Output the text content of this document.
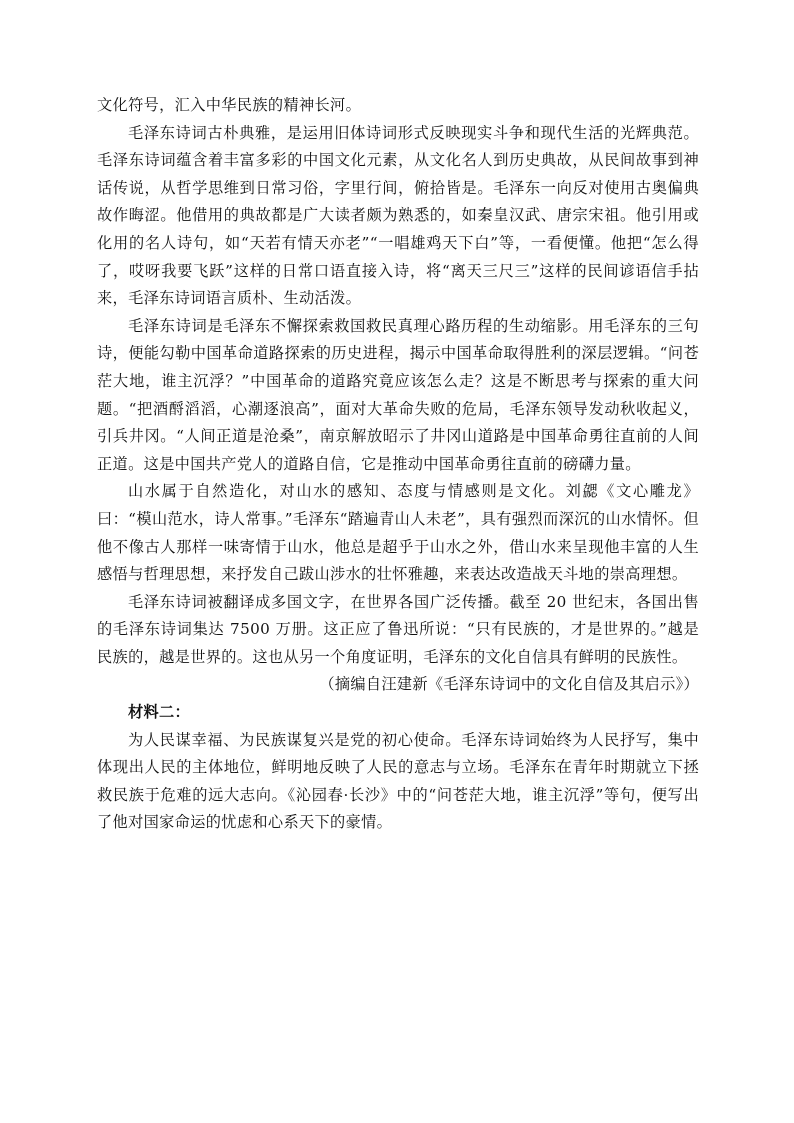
文化符号，汇入中华民族的精神长河。

毛泽东诗词古朴典雅，是运用旧体诗词形式反映现实斗争和现代生活的光辉典范。毛泽东诗词蕴含着丰富多彩的中国文化元素，从文化名人到历史典故，从民间故事到神话传说，从哲学思维到日常习俗，字里行间，俯拾皆是。毛泽东一向反对使用古奥偏典故作晦涩。他借用的典故都是广大读者颇为熟悉的，如秦皇汉武、唐宗宋祖。他引用或化用的名人诗句，如“天若有情天亦老”“一唱雄鸡天下白”等，一看便懂。他把“怎么得了，哎呀我要飞跃”这样的日常口语直接入诗，将“离天三尺三”这样的民间谚语信手拈来，毛泽东诗词语言质朴、生动活泼。

毛泽东诗词是毛泽东不懈探索救国救民真理心路历程的生动缩影。用毛泽东的三句诗，便能勾勒中国革命道路探索的历史进程，揭示中国革命取得胜利的深层逻辑。“问苍茫大地，谁主沉浮？”中国革命的道路究竟应该怎么走？这是不断思考与探索的重大问题。“把酒酹滔滔，心潮逐浪高”，面对大革命失败的危局，毛泽东领导发动秋收起义，引兵井冈。“人间正道是沧桑”，南京解放昭示了井冈山道路是中国革命勇往直前的人间正道。这是中国共产党人的道路自信，它是推动中国革命勇往直前的磅礴力量。

山水属于自然造化，对山水的感知、态度与情感则是文化。刘勰《文心雕龙》曰：“模山范水，诗人常事。”毛泽东“踏遍青山人未老”，具有强烈而深沉的山水情怀。但他不像古人那样一味寄情于山水，他总是超乎于山水之外，借山水来呈现他丰富的人生感悟与哲理思想，来抒发自己跋山涉水的壮怀雅趣，来表达改造战天斗地的崇高理想。

毛泽东诗词被翻译成多国文字，在世界各国广泛传播。截至 20 世纪末，各国出售的毛泽东诗词集达 7500 万册。这正应了鲁迅所说：“只有民族的，才是世界的。”越是民族的，越是世界的。这也从另一个角度证明，毛泽东的文化自信具有鲜明的民族性。

（摘编自汪建新《毛泽东诗词中的文化自信及其启示》）

材料二：

为人民谋幸福、为民族谋复兴是党的初心使命。毛泽东诗词始终为人民抒写，集中体现出人民的主体地位，鲜明地反映了人民的意志与立场。毛泽东在青年时期就立下拯救民族于危难的远大志向。《沁园春·长沙》中的“问苍茫大地，谁主沉浮”等句，便写出了他对国家命运的忧虑和心系天下的豪情。
